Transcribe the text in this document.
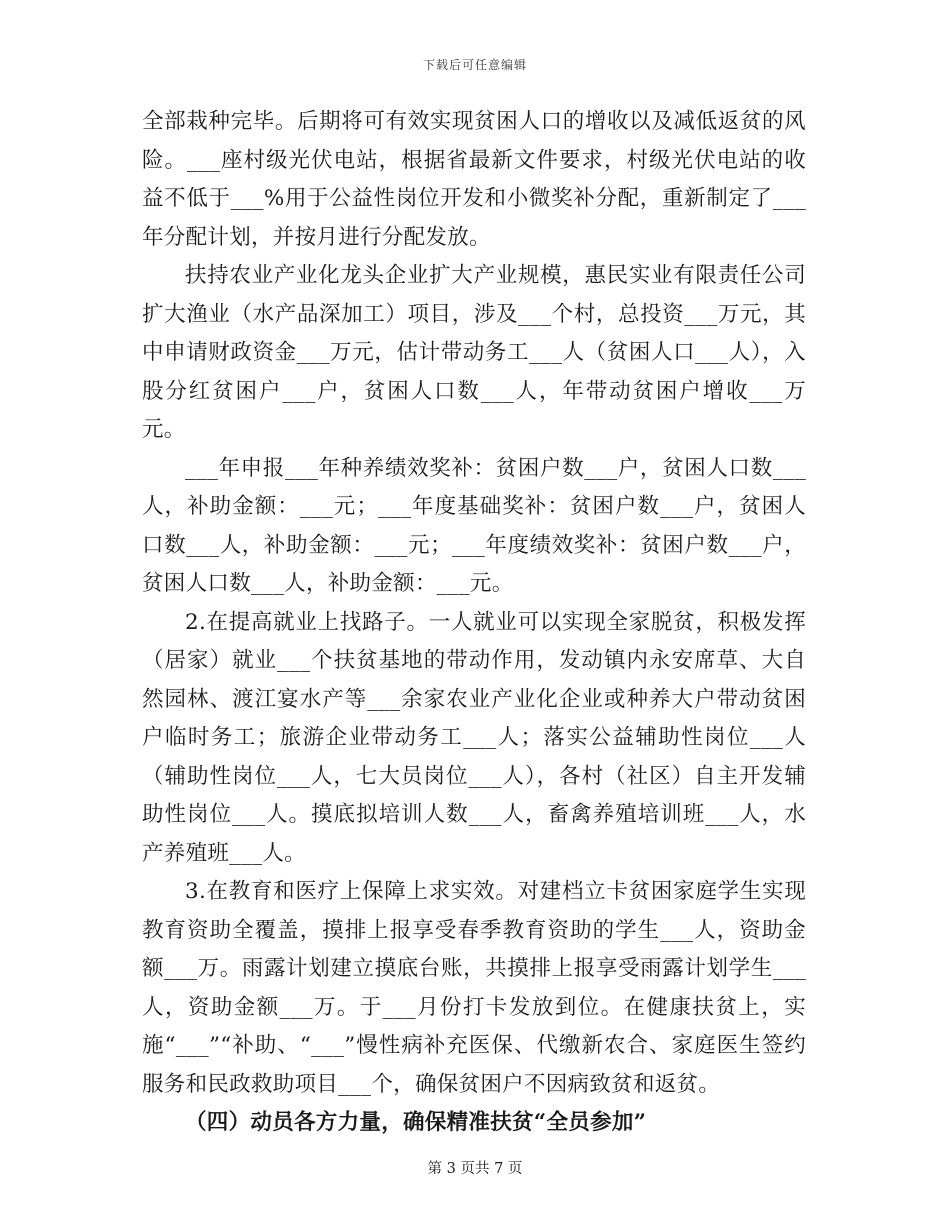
下载后可任意编辑

全部栽种完毕。后期将可有效实现贫困人口的增收以及减低返贫的风险。___座村级光伏电站，根据省最新文件要求，村级光伏电站的收益不低于___%用于公益性岗位开发和小微奖补分配，重新制定了___年分配计划，并按月进行分配发放。

扶持农业产业化龙头企业扩大产业规模，惠民实业有限责任公司扩大渔业（水产品深加工）项目，涉及___个村，总投资___万元，其中申请财政资金___万元，估计带动务工___人（贫困人口___人），入股分红贫困户___户，贫困人口数___人，年带动贫困户增收___万元。

___年申报___年种养绩效奖补：贫困户数___户，贫困人口数___人，补助金额：___元；___年度基础奖补：贫困户数___户，贫困人口数___人，补助金额：___元；___年度绩效奖补：贫困户数___户，贫困人口数___人，补助金额：___元。

2.在提高就业上找路子。一人就业可以实现全家脱贫，积极发挥（居家）就业___个扶贫基地的带动作用，发动镇内永安席草、大自然园林、渡江宴水产等___余家农业产业化企业或种养大户带动贫困户临时务工；旅游企业带动务工___人；落实公益辅助性岗位___人（辅助性岗位___人，七大员岗位___人），各村（社区）自主开发辅助性岗位___人。摸底拟培训人数___人，畜禽养殖培训班___人，水产养殖班___人。

3.在教育和医疗上保障上求实效。对建档立卡贫困家庭学生实现教育资助全覆盖，摸排上报享受春季教育资助的学生___人，资助金额___万。雨露计划建立摸底台账，共摸排上报享受雨露计划学生___人，资助金额___万。于___月份打卡发放到位。在健康扶贫上，实施“___”“补助、“___”慢性病补充医保、代缴新农合、家庭医生签约服务和民政救助项目___个，确保贫困户不因病致贫和返贫。

（四）动员各方力量，确保精准扶贫“全员参加”

第 3 页共 7 页
